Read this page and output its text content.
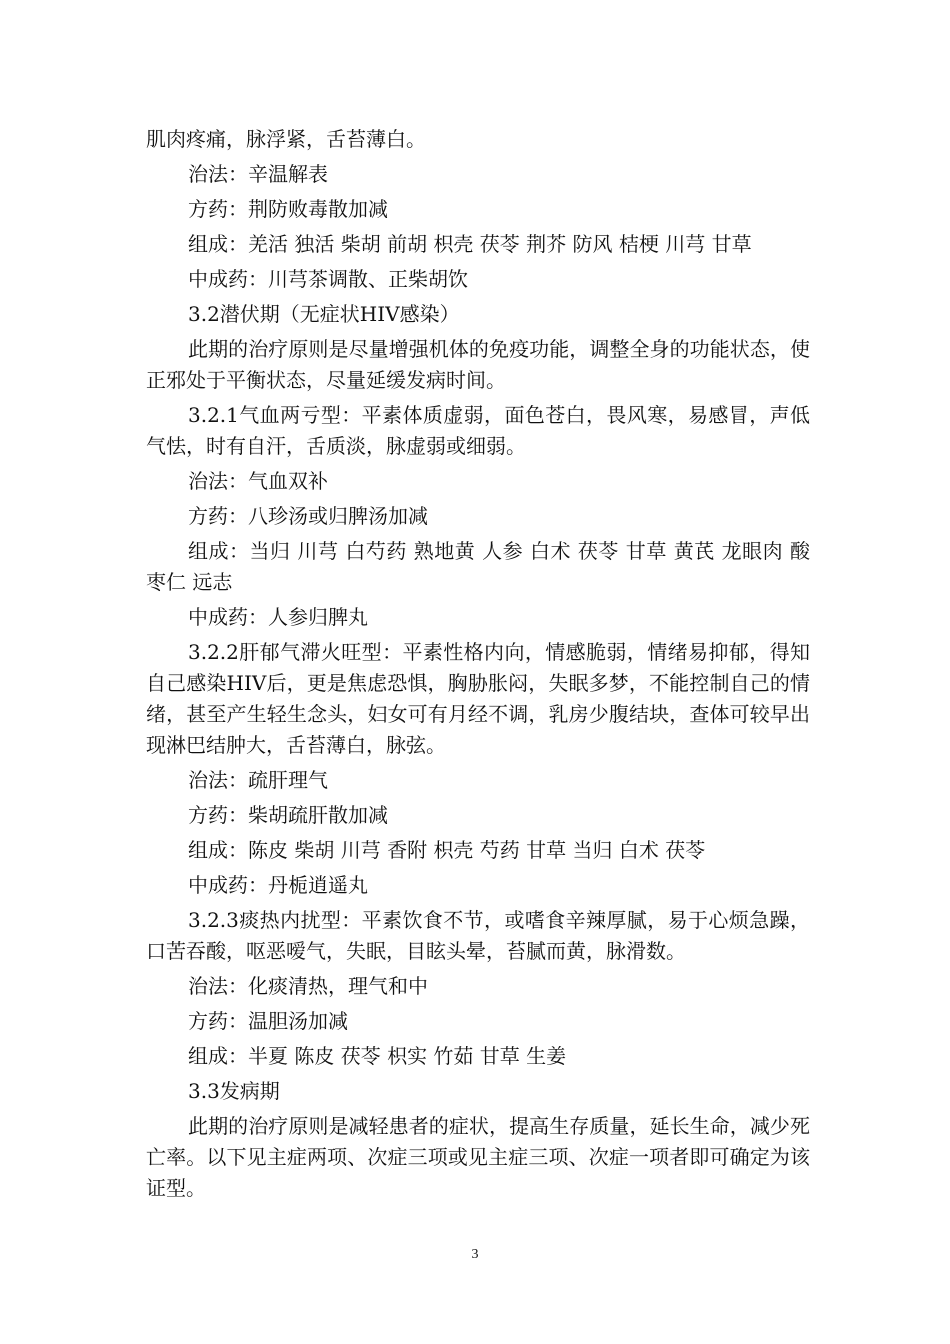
肌肉疼痛，脉浮紧，舌苔薄白。

治法：辛温解表

方药：荆防败毒散加减

组成：羌活 独活 柴胡 前胡 枳壳 茯苓 荆芥 防风 桔梗 川芎 甘草

中成药：川芎茶调散、正柴胡饮

3.2潜伏期（无症状HIV感染）

此期的治疗原则是尽量增强机体的免疫功能，调整全身的功能状态，使正邪处于平衡状态，尽量延缓发病时间。

3.2.1气血两亏型：平素体质虚弱，面色苍白，畏风寒，易感冒，声低气怯，时有自汗，舌质淡，脉虚弱或细弱。

治法：气血双补

方药：八珍汤或归脾汤加减

组成：当归 川芎 白芍药 熟地黄 人参 白术 茯苓 甘草 黄芪 龙眼肉 酸枣仁 远志

中成药：人参归脾丸

3.2.2肝郁气滞火旺型：平素性格内向，情感脆弱，情绪易抑郁，得知自己感染HIV后，更是焦虑恐惧，胸胁胀闷，失眠多梦，不能控制自己的情绪，甚至产生轻生念头，妇女可有月经不调，乳房少腹结块，查体可较早出现淋巴结肿大，舌苔薄白，脉弦。

治法：疏肝理气

方药：柴胡疏肝散加减

组成：陈皮 柴胡 川芎 香附 枳壳 芍药 甘草 当归 白术 茯苓

中成药：丹栀逍遥丸

3.2.3痰热内扰型：平素饮食不节，或嗜食辛辣厚腻，易于心烦急躁，口苦吞酸，呕恶嗳气，失眠，目眩头晕，苔腻而黄，脉滑数。

治法：化痰清热，理气和中

方药：温胆汤加减

组成：半夏 陈皮 茯苓 枳实 竹茹 甘草 生姜

3.3发病期

此期的治疗原则是减轻患者的症状，提高生存质量，延长生命，减少死亡率。以下见主症两项、次症三项或见主症三项、次症一项者即可确定为该证型。

3
